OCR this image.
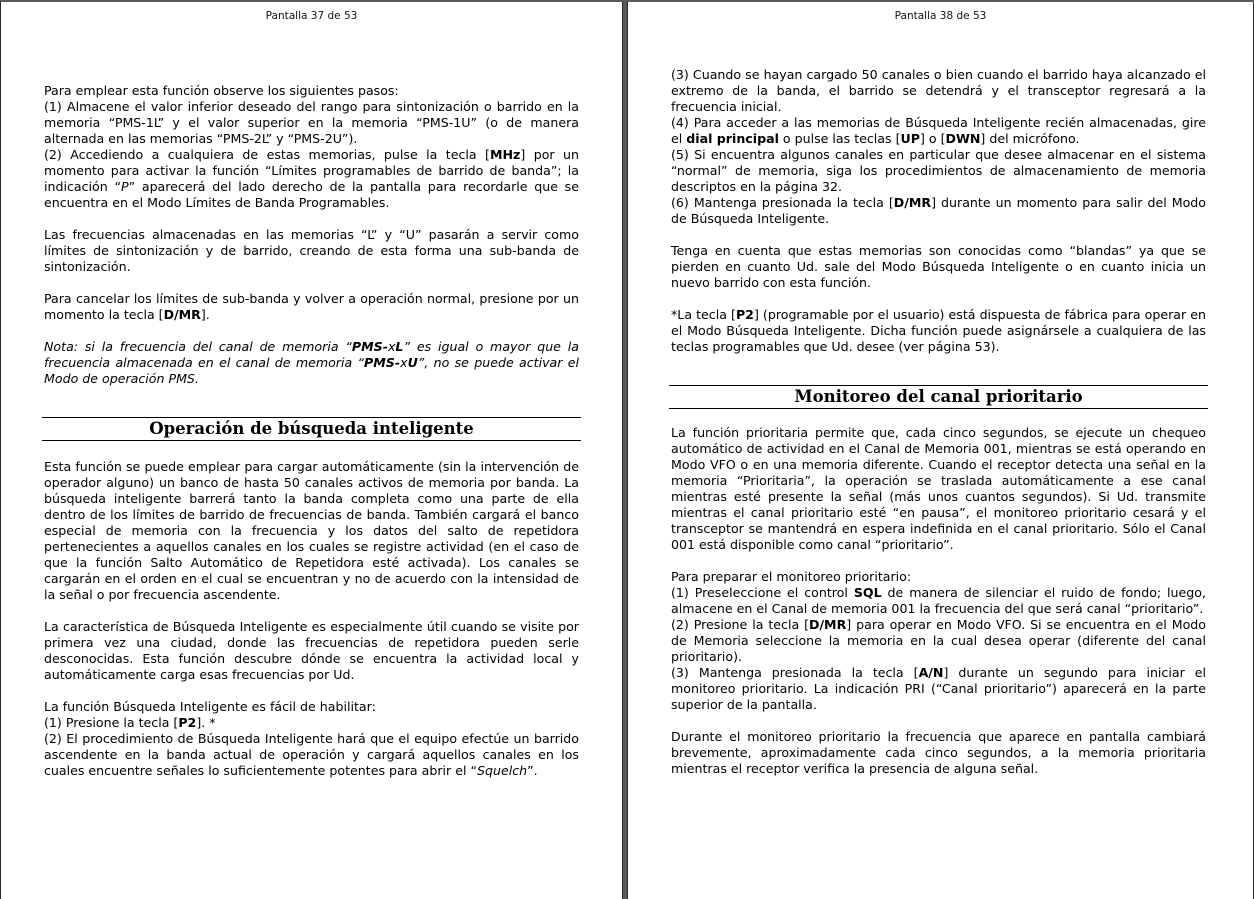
Pantalla 37 de 53

Para emplear esta función observe los siguientes pasos:

(1) Almacene el valor inferior deseado del rango para sintonización o barrido en la memoria “PMS-1L” y el valor superior en la memoria “PMS-1U” (o de manera alternada en las memorias “PMS-2L” y “PMS-2U”).

(2) Accediendo a cualquiera de estas memorias, pulse la tecla [MHz] por un momento para activar la función “Límites programables de barrido de banda”; la indicación “P” aparecerá del lado derecho de la pantalla para recordarle que se encuentra en el Modo Límites de Banda Programables.

Las frecuencias almacenadas en las memorias “L” y “U” pasarán a servir como límites de sintonización y de barrido, creando de esta forma una sub-banda de sintonización.

Para cancelar los límites de sub-banda y volver a operación normal, presione por un momento la tecla [D/MR].

Nota: si la frecuencia del canal de memoria “PMS-xL” es igual o mayor que la frecuencia almacenada en el canal de memoria “PMS-xU”, no se puede activar el Modo de operación PMS.

Operación de búsqueda inteligente

Esta función se puede emplear para cargar automáticamente (sin la intervención de operador alguno) un banco de hasta 50 canales activos de memoria por banda. La búsqueda inteligente barrerá tanto la banda completa como una parte de ella dentro de los límites de barrido de frecuencias de banda. También cargará el banco especial de memoria con la frecuencia y los datos del salto de repetidora pertenecientes a aquellos canales en los cuales se registre actividad (en el caso de que la función Salto Automático de Repetidora esté activada). Los canales se cargarán en el orden en el cual se encuentran y no de acuerdo con la intensidad de la señal o por frecuencia ascendente.

La característica de Búsqueda Inteligente es especialmente útil cuando se visite por primera vez una ciudad, donde las frecuencias de repetidora pueden serle desconocidas. Esta función descubre dónde se encuentra la actividad local y automáticamente carga esas frecuencias por Ud.

La función Búsqueda Inteligente es fácil de habilitar:

(1) Presione la tecla [P2]. *

(2) El procedimiento de Búsqueda Inteligente hará que el equipo efectúe un barrido ascendente en la banda actual de operación y cargará aquellos canales en los cuales encuentre señales lo suficientemente potentes para abrir el “Squelch”.

Pantalla 38 de 53

(3) Cuando se hayan cargado 50 canales o bien cuando el barrido haya alcanzado el extremo de la banda, el barrido se detendrá y el transceptor regresará a la frecuencia inicial.

(4) Para acceder a las memorias de Búsqueda Inteligente recién almacenadas, gire el dial principal o pulse las teclas [UP] o [DWN] del micrófono.

(5) Si encuentra algunos canales en particular que desee almacenar en el sistema “normal” de memoria, siga los procedimientos de almacenamiento de memoria descriptos en la página 32.

(6) Mantenga presionada la tecla [D/MR] durante un momento para salir del Modo de Búsqueda Inteligente.

Tenga en cuenta que estas memorias son conocidas como “blandas” ya que se pierden en cuanto Ud. sale del Modo Búsqueda Inteligente o en cuanto inicia un nuevo barrido con esta función.

*La tecla [P2] (programable por el usuario) está dispuesta de fábrica para operar en el Modo Búsqueda Inteligente. Dicha función puede asignársele a cualquiera de las teclas programables que Ud. desee (ver página 53).

Monitoreo del canal prioritario

La función prioritaria permite que, cada cinco segundos, se ejecute un chequeo automático de actividad en el Canal de Memoria 001, mientras se está operando en Modo VFO o en una memoria diferente. Cuando el receptor detecta una señal en la memoria “Prioritaria”, la operación se traslada automáticamente a ese canal mientras esté presente la señal (más unos cuantos segundos). Si Ud. transmite mientras el canal prioritario esté “en pausa”, el monitoreo prioritario cesará y el transceptor se mantendrá en espera indefinida en el canal prioritario. Sólo el Canal 001 está disponible como canal “prioritario”.

Para preparar el monitoreo prioritario:

(1) Preseleccione el control SQL de manera de silenciar el ruido de fondo; luego, almacene en el Canal de memoria 001 la frecuencia del que será canal “prioritario”.

(2) Presione la tecla [D/MR] para operar en Modo VFO. Si se encuentra en el Modo de Memoria seleccione la memoria en la cual desea operar (diferente del canal prioritario).

(3) Mantenga presionada la tecla [A/N] durante un segundo para iniciar el monitoreo prioritario. La indicación PRI (“Canal prioritario”) aparecerá en la parte superior de la pantalla.

Durante el monitoreo prioritario la frecuencia que aparece en pantalla cambiará brevemente, aproximadamente cada cinco segundos, a la memoria prioritaria mientras el receptor verifica la presencia de alguna señal.
